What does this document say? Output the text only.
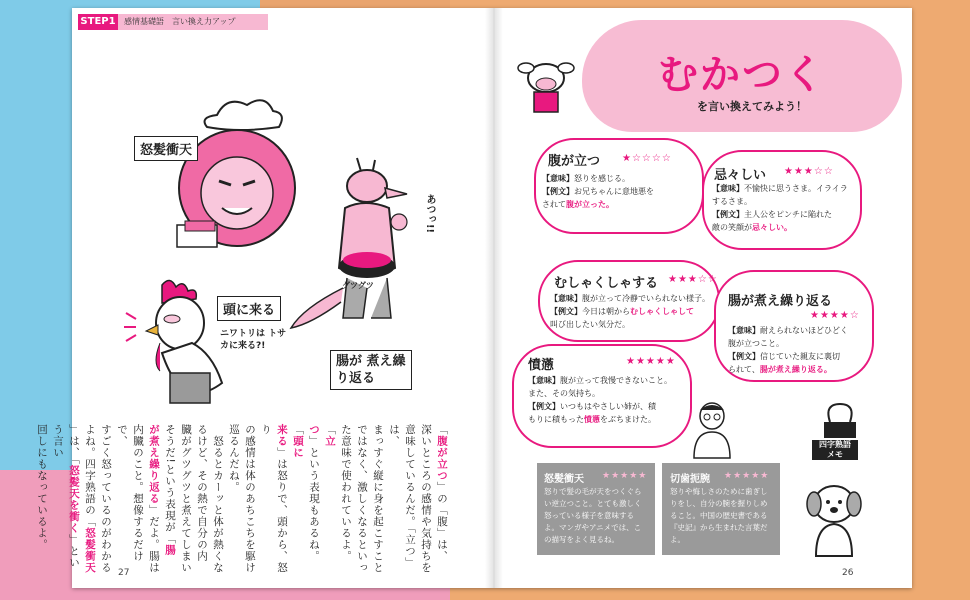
STEP1	感情基礎語　言い換え力アップ
怒髪衝天
頭に来る
ニワトリは トサカに来る?!
あつっ!!
グツグツ
腸が 煮え繰り返る
「腹が立つ」の「腹」は、
深いところの感情や気持ちを
意味しているんだ。「立つ」は、
まっすぐ縦に身を起こすこと
ではなく、激しくなるといっ
た意味で使われているよ。「立
つ」という表現もあるね。「頭に
来る」は怒りで、頭から、怒り
の感情は体のあちこちを駆け
巡るんだね。
　怒るとカーッと体が熱くな
るけど、その熱で自分の内
臓がグツグツと煮えてしまい
そうだ!という表現が「腸
が煮え繰り返る」だよ。腸は
内臓のこと。想像するだけで、
すごく怒っているのがわかる
よね。四字熟語の「怒髪衝天
」は、「怒髪天を衝く」という言い
回しにもなっているよ。
27
むかつく
を言い換えてみよう！
腹が立つ ★☆☆☆☆
【意味】怒りを感じる。
【例文】お兄ちゃんに意地悪を
されて腹が立った。
忌々しい ★★★☆☆
【意味】不愉快に思うさま。イライラ
するさま。
【例文】主人公をピンチに陥れた
敵の笑顔が忌々しい。
むしゃくしゃする ★★★☆☆
【意味】腹が立って冷静でいられない様子。
【例文】今日は朝からむしゃくしゃして
叫び出したい気分だ。
腸が煮え繰り返る
★★★★☆
【意味】耐えられないほどひどく
腹が立つこと。
【例文】信じていた親友に裏切
られて、腸が煮え繰り返る。
憤懣	★★★★★
【意味】腹が立って我慢できないこと。
また、その気持ち。
【例文】いつもはやさしい姉が、積
もりに積もった憤懣をぶちまけた。
四字熟語
メモ
怒髪衝天 ★★★★★
怒りで髪の毛が天をつくぐら
い逆立つこと。とても激しく
怒っている様子を意味する
よ。マンガやアニメでは、こ
の描写をよく見るね。
切歯扼腕 ★★★★★
怒りや悔しさのために歯ぎし
りをし、自分の腕を握りしめ
ること。中国の歴史書である
『史記』から生まれた言葉だ
よ。
26
